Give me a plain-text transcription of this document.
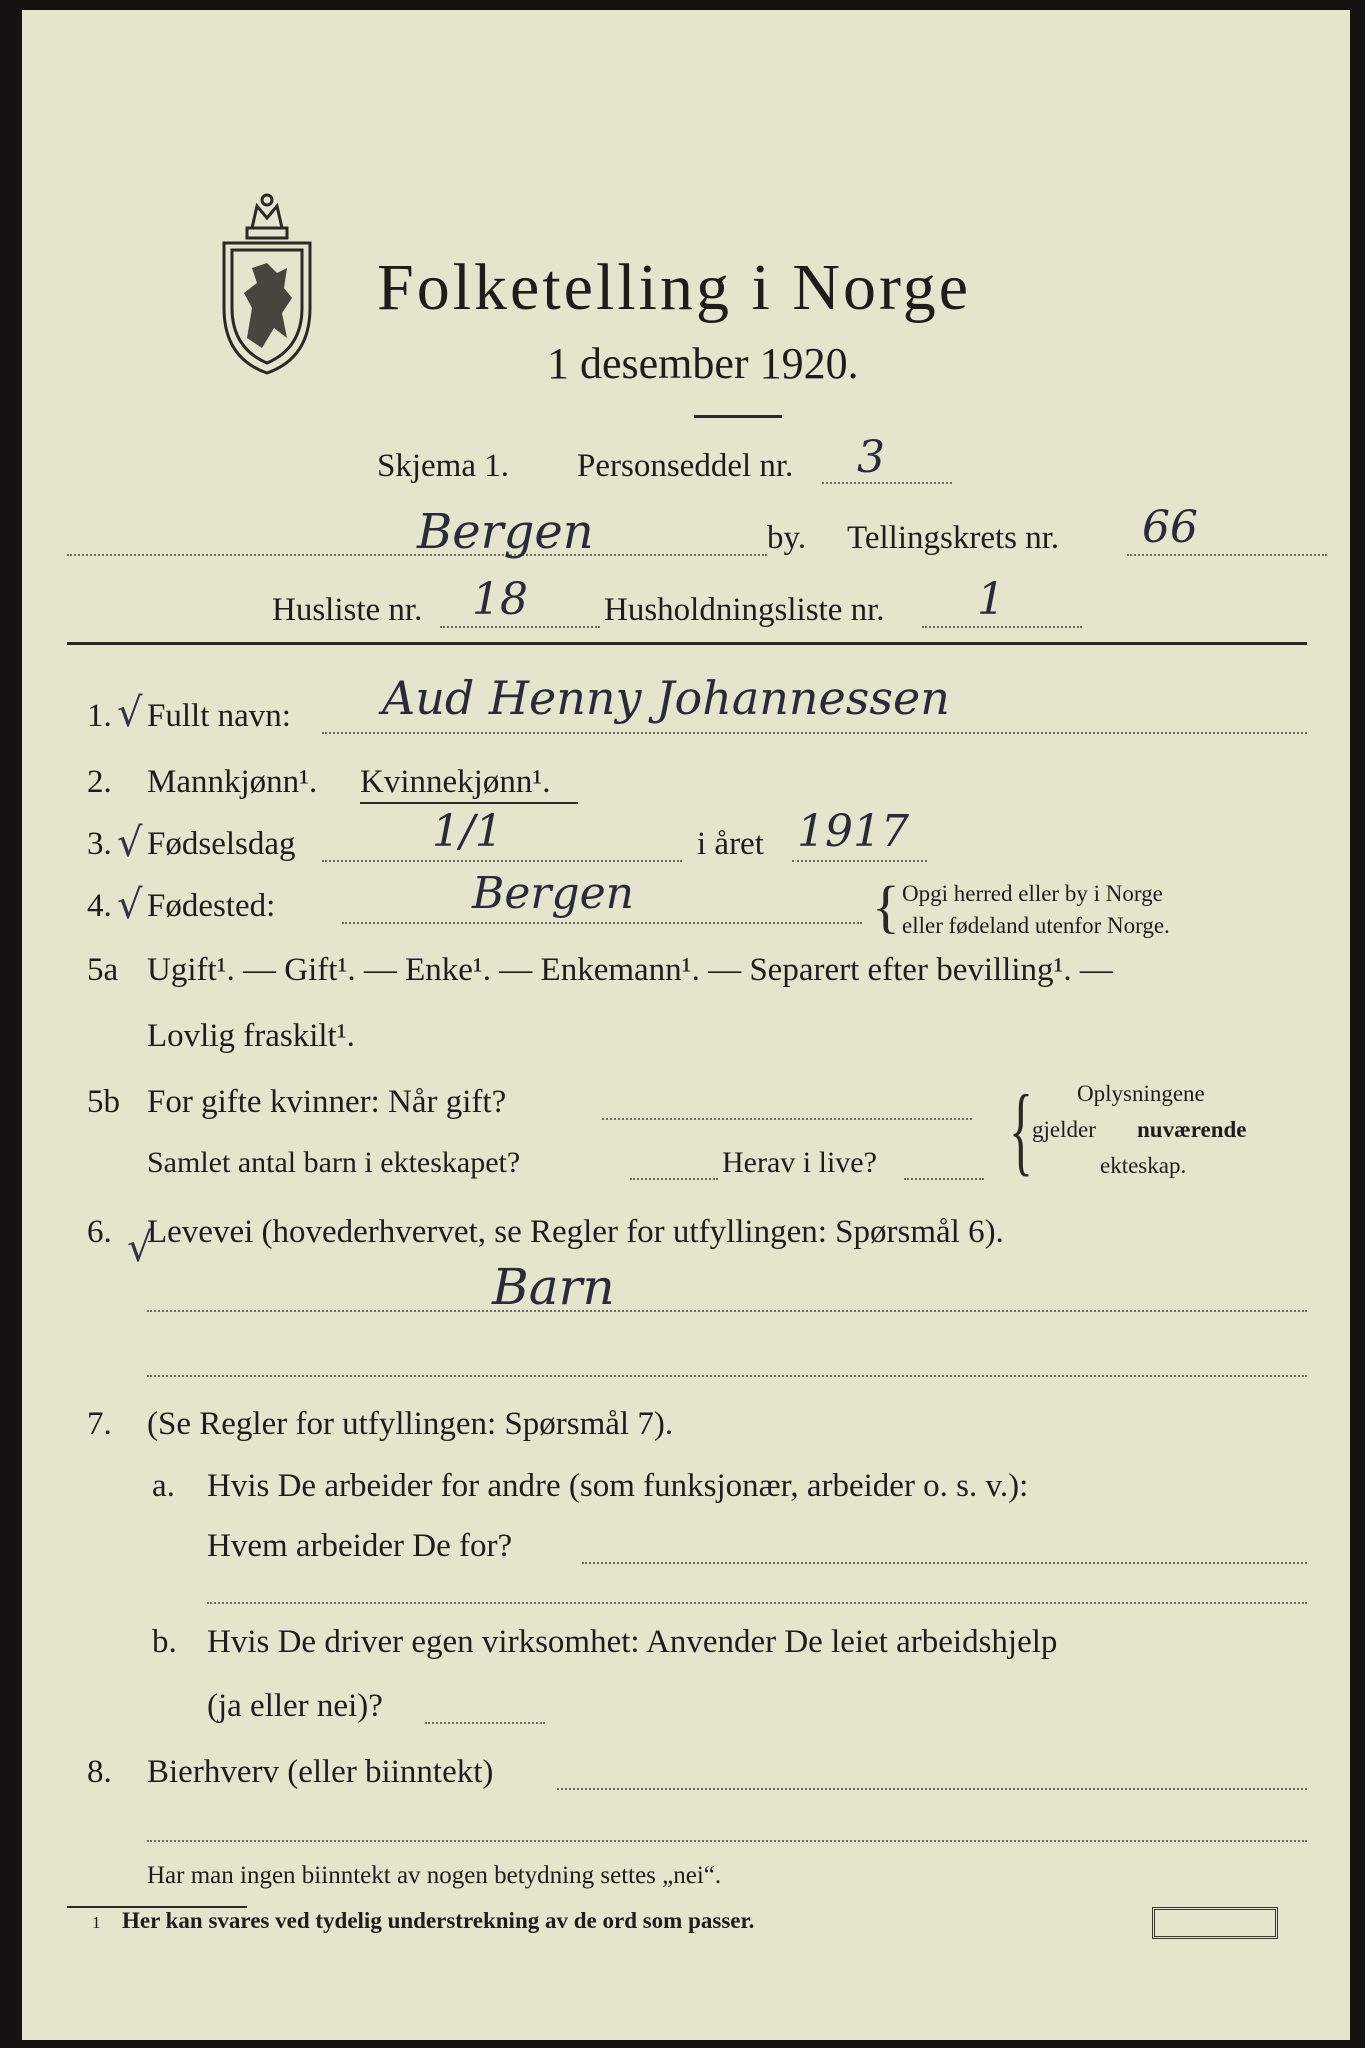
Folketelling i Norge
1 desember 1920.
Skjema 1. Personseddel nr. 3
Bergen	by. Tellingskrets nr. 66
Husliste nr. 18 Husholdningsliste nr. 1
1. √ Fullt navn: Aud Henny Johannessen
2. Mannkjønn¹. Kvinnekjønn¹.
3. √ Fødselsdag	1/1	i året 1917
4. √ Fødested:	Bergen	{ Opgi herred eller by i Norge
eller fødeland utenfor Norge.
5a Ugift¹. — Gift¹. — Enke¹. — Enkemann¹. — Separert efter bevilling¹. —
Lovlig fraskilt¹.
5b For gifte kvinner: Når gift?
Samlet antal barn i ekteskapet?	Herav i live? { Oplysningene
gjelder nuværende
ekteskap.
6. √
Levevei (hovederhvervet, se Regler for utfyllingen: Spørsmål 6).
Barn
7. (Se Regler for utfyllingen: Spørsmål 7).
a. Hvis De arbeider for andre (som funksjonær, arbeider o. s. v.):
Hvem arbeider De for?
b. Hvis De driver egen virksomhet: Anvender De leiet arbeidshjelp
(ja eller nei)?
8. Bierhverv (eller biinntekt)
Har man ingen biinntekt av nogen betydning settes „nei“.
1 Her kan svares ved tydelig understrekning av de ord som passer.
